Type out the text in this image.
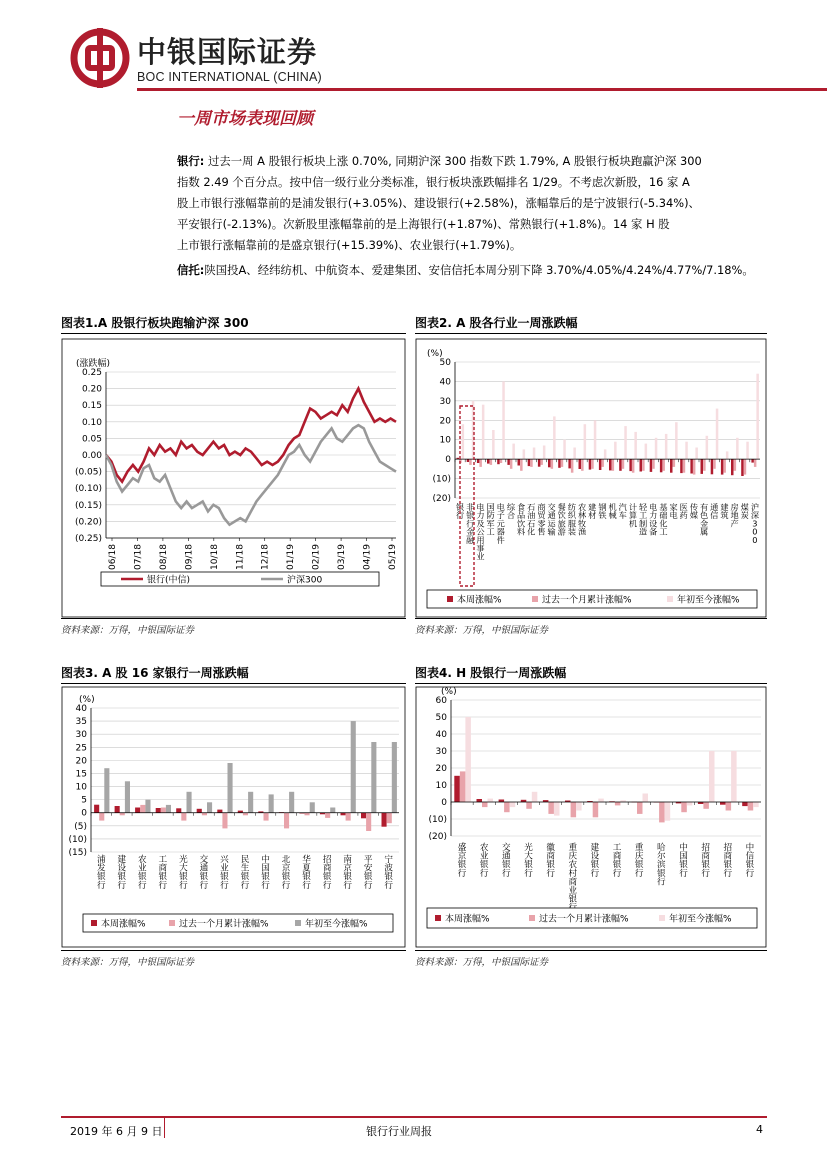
中银国际证券
BOC INTERNATIONAL (CHINA)
一周市场表现回顾
银行: 过去一周 A 股银行板块上涨 0.70%, 同期沪深 300 指数下跌 1.79%, A 股银行板块跑赢沪深 300
指数 2.49 个百分点。按中信一级行业分类标准，银行板块涨跌幅排名 1/29。不考虑次新股，16 家 A
股上市银行涨幅靠前的是浦发银行(+3.05%)、建设银行(+2.58%)，涨幅靠后的是宁波银行(-5.34%)、
平安银行(-2.13%)。次新股里涨幅靠前的是上海银行(+1.87%)、常熟银行(+1.8%)。14 家 H 股
上市银行涨幅靠前的是盛京银行(+15.39%)、农业银行(+1.79%)。
信托:陕国投A、经纬纺机、中航资本、爱建集团、安信信托本周分别下降 3.70%/4.05%/4.24%/4.77%/7.18%。
图表1.A 股银行板块跑输沪深 300
(涨跌幅)
0.25
0.20
0.15
0.10
0.05
0.00
(0.05)
(0.10)
(0.15)
(0.20)
(0.25)
06/18 07/18 08/18 09/18 10/18 11/18 12/18 01/19 02/19 03/19 04/19 05/19
银行(中信)	沪深300
资料来源：万得，中银国际证券
图表2. A 股各行业一周涨跌幅
(%)
50
40
30
20
10
0
(10)
(20)
银行
非银行金融
电力及公用事业
国防军工
电子元器件
综合
食品饮料
石油石化
商贸零售
交通运输
餐饮旅游
纺织服装
农林牧渔
建材
钢铁
机械
汽车
计算机
轻工制造
电力设备
基础化工
家电
医药
传媒
有色金属
通信
建筑
房地产
煤炭
沪深 3 0 0
本周涨幅%	过去一个月累计涨幅%	年初至今涨幅%
资料来源：万得，中银国际证券
图表3. A 股 16 家银行一周涨跌幅
(%)
40
35
30
25
20
15
10
5
0
(5)
(10)
(15)
浦发银行
建设银行
农业银行
工商银行
光大银行
交通银行
兴业银行
民生银行
中国银行
北京银行
华夏银行
招商银行
南京银行
平安银行
宁波银行
本周涨幅%	过去一个月累计涨幅%	年初至今涨幅%
资料来源：万得，中银国际证券
图表4. H 股银行一周涨跌幅
(%)
60
50
40
30
20
10
0
(10)
(20)
盛京银行
农业银行
交通银行
光大银行
徽商银行
重庆农村商业银
建设银行
工商银行
重庆银行
哈尔滨银行
中国银行
招商银行
招商银行
中信银行
本周涨幅%	过去一个月累计涨幅%	年初至今涨幅%
资料来源：万得，中银国际证券
2019 年 6 月 9 日	银行行业周报	4
